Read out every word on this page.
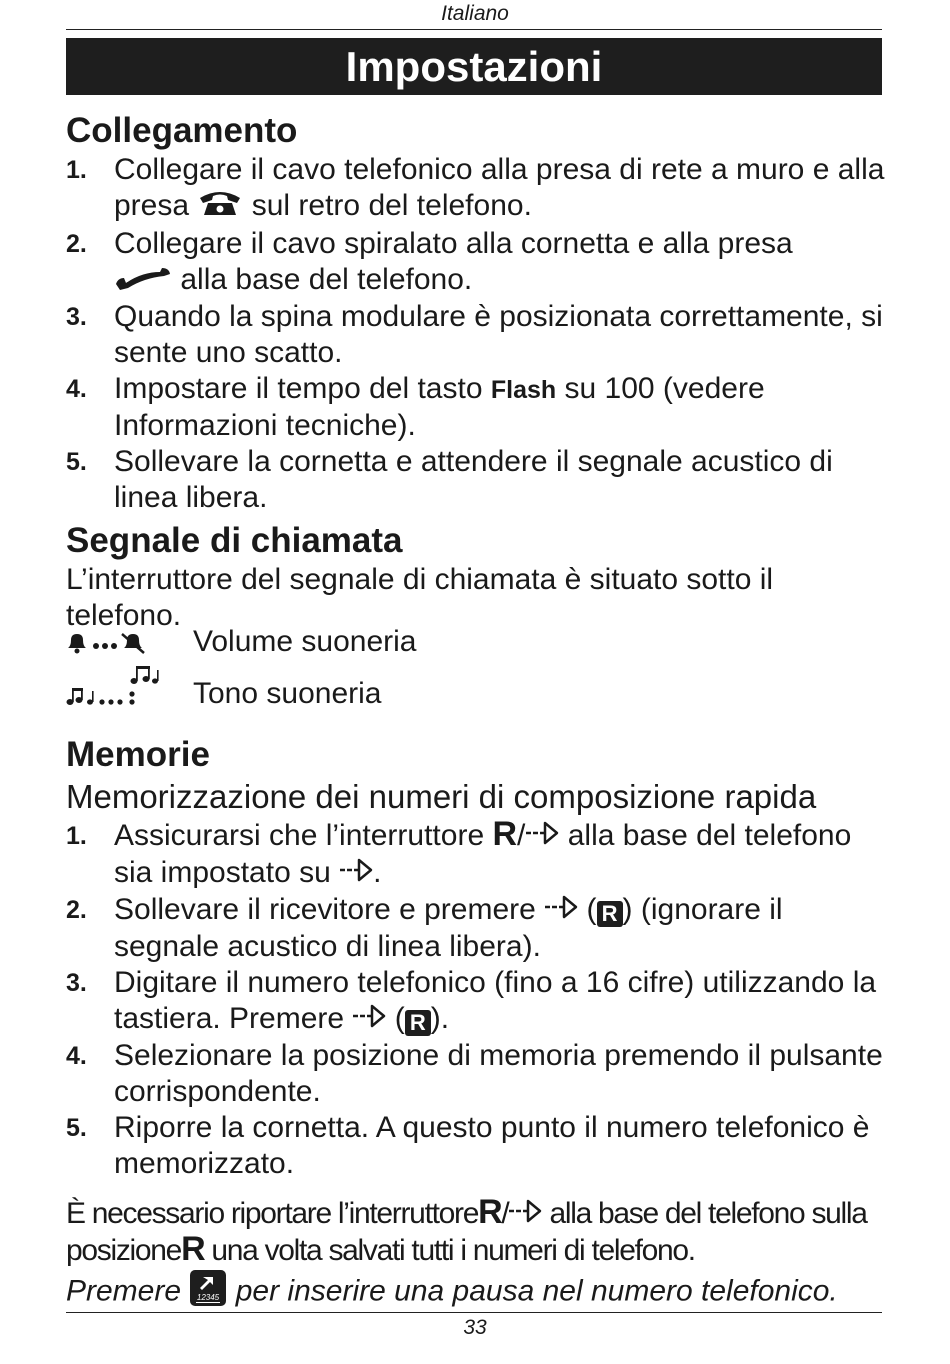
Italiano
Impostazioni
Collegamento
1. Collegare il cavo telefonico alla presa di rete a muro e alla presa sul retro del telefono.
2. Collegare il cavo spiralato alla cornetta e alla presa
alla base del telefono.
3. Quando la spina modulare è posizionata correttamente, si sente uno scatto.
4. Impostare il tempo del tasto Flash su 100 (vedere Informazioni tecniche).
5. Sollevare la cornetta e attendere il segnale acustico di linea libera.
Segnale di chiamata

L’interruttore del segnale di chiamata è situato sotto il telefono.

Volume suoneria
Tono suoneria
Memorie
Memorizzazione dei numeri di composizione rapida
1. Assicurarsi che l’interruttore R/ alla base del telefono sia impostato su .
2. Sollevare il ricevitore e premere ( R ) (ignorare il segnale acustico di linea libera).
3. Digitare il numero telefonico (fino a 16 cifre) utilizzando la tastiera. Premere ( R ).
4. Selezionare la posizione di memoria premendo il pulsante corrispondente.
5. Riporre la cornetta. A questo punto il numero telefonico è memorizzato.

È necessario riportare l’interruttoreR/ alla base del telefono sulla posizioneR una volta salvati tutti i numeri di telefono.

Premere 12345 per inserire una pausa nel numero telefonico.

33
